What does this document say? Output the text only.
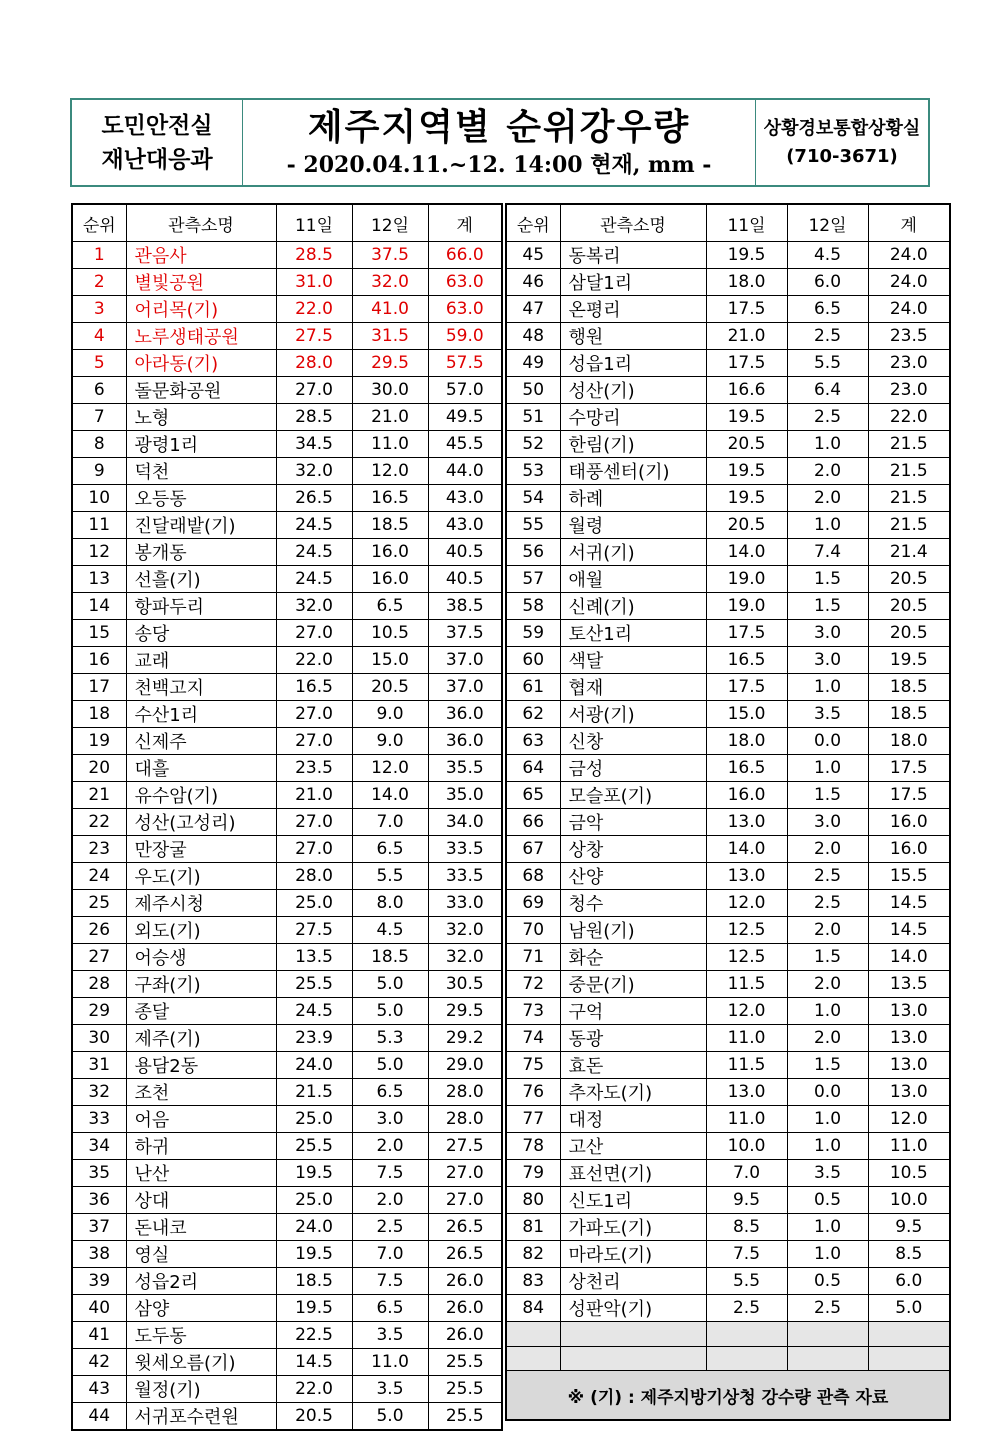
도민안전실
재난대응과
제주지역별 순위강우량
- 2020.04.11.~12. 14:00 현재, mm -
상황경보통합상황실
(710-3671)
순위	관측소명	11일	12일	계
1	관음사	28.5	37.5	66.0
2	별빛공원	31.0	32.0	63.0
3	어리목(기)	22.0	41.0	63.0
4	노루생태공원	27.5	31.5	59.0
5	아라동(기)	28.0	29.5	57.5
6	돌문화공원	27.0	30.0	57.0
7	노형	28.5	21.0	49.5
8	광령1리	34.5	11.0	45.5
9	덕천	32.0	12.0	44.0
10	오등동	26.5	16.5	43.0
11	진달래밭(기)	24.5	18.5	43.0
12	봉개동	24.5	16.0	40.5
13	선흘(기)	24.5	16.0	40.5
14	항파두리	32.0	6.5	38.5
15	송당	27.0	10.5	37.5
16	교래	22.0	15.0	37.0
17	천백고지	16.5	20.5	37.0
18	수산1리	27.0	9.0	36.0
19	신제주	27.0	9.0	36.0
20	대흘	23.5	12.0	35.5
21	유수암(기)	21.0	14.0	35.0
22	성산(고성리)	27.0	7.0	34.0
23	만장굴	27.0	6.5	33.5
24	우도(기)	28.0	5.5	33.5
25	제주시청	25.0	8.0	33.0
26	외도(기)	27.5	4.5	32.0
27	어승생	13.5	18.5	32.0
28	구좌(기)	25.5	5.0	30.5
29	종달	24.5	5.0	29.5
30	제주(기)	23.9	5.3	29.2
31	용담2동	24.0	5.0	29.0
32	조천	21.5	6.5	28.0
33	어음	25.0	3.0	28.0
34	하귀	25.5	2.0	27.5
35	난산	19.5	7.5	27.0
36	상대	25.0	2.0	27.0
37	돈내코	24.0	2.5	26.5
38	영실	19.5	7.0	26.5
39	성읍2리	18.5	7.5	26.0
40	삼양	19.5	6.5	26.0
41	도두동	22.5	3.5	26.0
42	윗세오름(기)	14.5	11.0	25.5
43	월정(기)	22.0	3.5	25.5
44	서귀포수련원	20.5	5.0	25.5
순위	관측소명	11일	12일	계
45	동복리	19.5	4.5	24.0
46	삼달1리	18.0	6.0	24.0
47	온평리	17.5	6.5	24.0
48	행원	21.0	2.5	23.5
49	성읍1리	17.5	5.5	23.0
50	성산(기)	16.6	6.4	23.0
51	수망리	19.5	2.5	22.0
52	한림(기)	20.5	1.0	21.5
53	태풍센터(기)	19.5	2.0	21.5
54	하례	19.5	2.0	21.5
55	월령	20.5	1.0	21.5
56	서귀(기)	14.0	7.4	21.4
57	애월	19.0	1.5	20.5
58	신례(기)	19.0	1.5	20.5
59	토산1리	17.5	3.0	20.5
60	색달	16.5	3.0	19.5
61	협재	17.5	1.0	18.5
62	서광(기)	15.0	3.5	18.5
63	신창	18.0	0.0	18.0
64	금성	16.5	1.0	17.5
65	모슬포(기)	16.0	1.5	17.5
66	금악	13.0	3.0	16.0
67	상창	14.0	2.0	16.0
68	산양	13.0	2.5	15.5
69	청수	12.0	2.5	14.5
70	남원(기)	12.5	2.0	14.5
71	화순	12.5	1.5	14.0
72	중문(기)	11.5	2.0	13.5
73	구억	12.0	1.0	13.0
74	동광	11.0	2.0	13.0
75	효돈	11.5	1.5	13.0
76	추자도(기)	13.0	0.0	13.0
77	대정	11.0	1.0	12.0
78	고산	10.0	1.0	11.0
79	표선면(기)	7.0	3.5	10.5
80	신도1리	9.5	0.5	10.0
81	가파도(기)	8.5	1.0	9.5
82	마라도(기)	7.5	1.0	8.5
83	상천리	5.5	0.5	6.0
84	성판악(기)	2.5	2.5	5.0

※ (기) : 제주지방기상청 강수량 관측 자료				
